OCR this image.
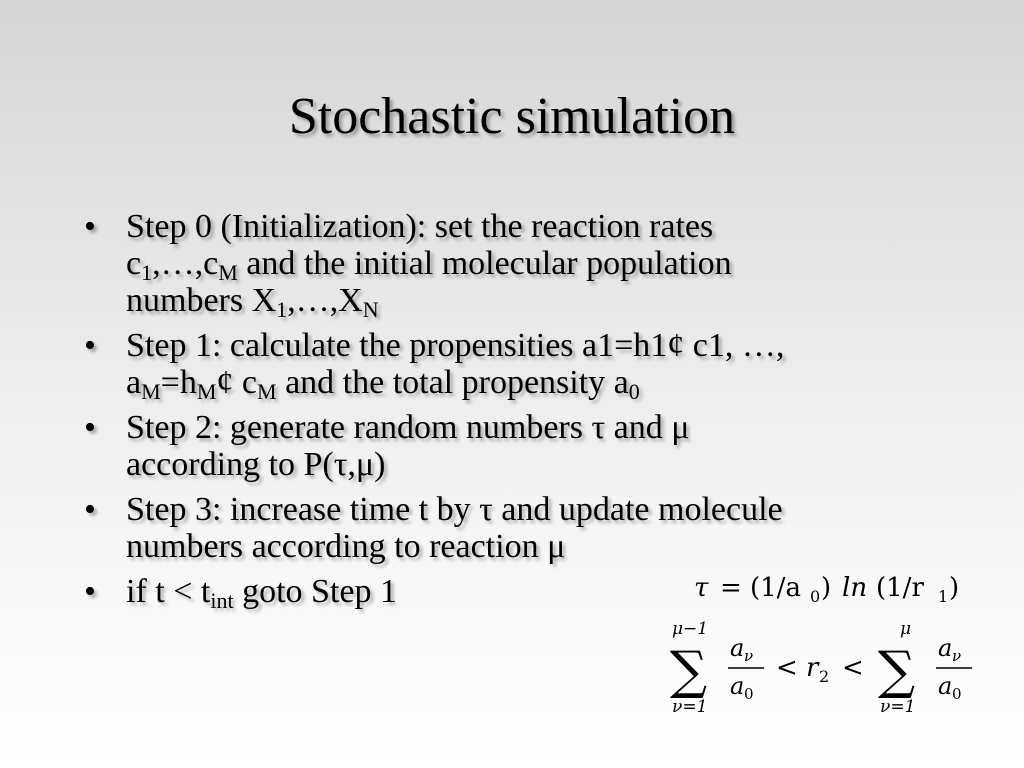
Stochastic simulation
• Step 0 (Initialization): set the reaction rates
$c_1,\dots,c_M$ and the initial molecular population
numbers $X_1,\dots,X_N$
• Step 1: calculate the propensities a1=h1¢ c1, …,
$a_M=h_M¢$ $c_M$ and the total propensity $a_0$
• Step 2: generate random numbers τ and μ
according to P(τ,μ)
• Step 3: increase time t by τ and update molecule
numbers according to reaction μ
• if $t < t_{int}$ goto Step 1	τ = (1/a 0 ) ln (1/r 1 )
μ−1
∑
ν=1
a ν
a 0
< r 2 <
μ
∑
ν=1
a ν
a 0
